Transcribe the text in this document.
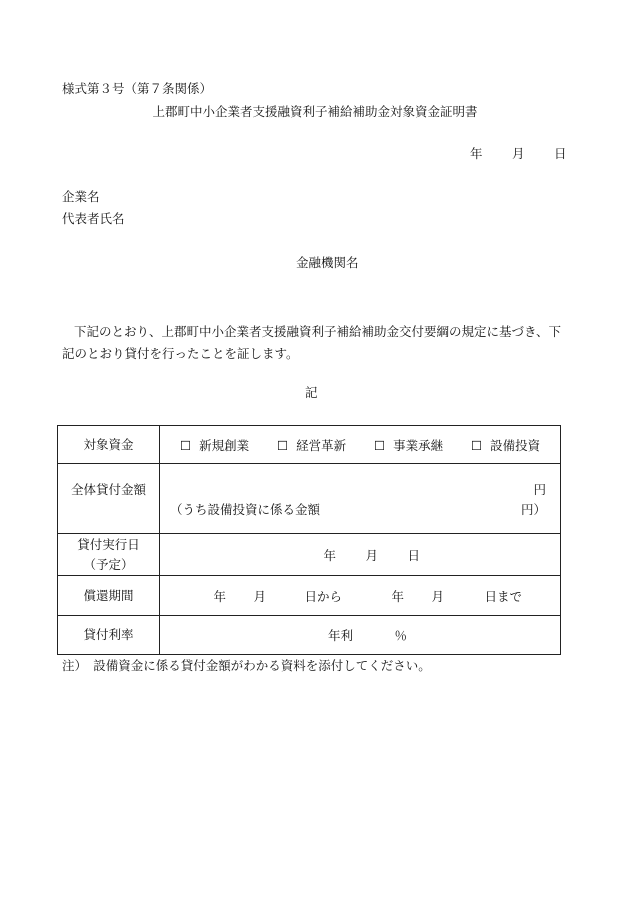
様式第３号（第７条関係）
上郡町中小企業者支援融資利子補給補助金対象資金証明書
年 月 日
企業名
代表者氏名
金融機関名
下記のとおり、上郡町中小企業者支援融資利子補給補助金交付要綱の規定に基づき、下記のとおり貸付を行ったことを証します。
記
対象資金	☐ 新規創業 ☐ 経営革新 ☐ 事業承継 ☐ 設備投資

全体貸付金額	円
（うち設備投資に係る金額 円）

貸付実行日
（予定）	年 月 日
償還期間	年 月 日から 年 月 日まで
貸付利率	年利 ％
注）　設備資金に係る貸付金額がわかる資料を添付してください。
